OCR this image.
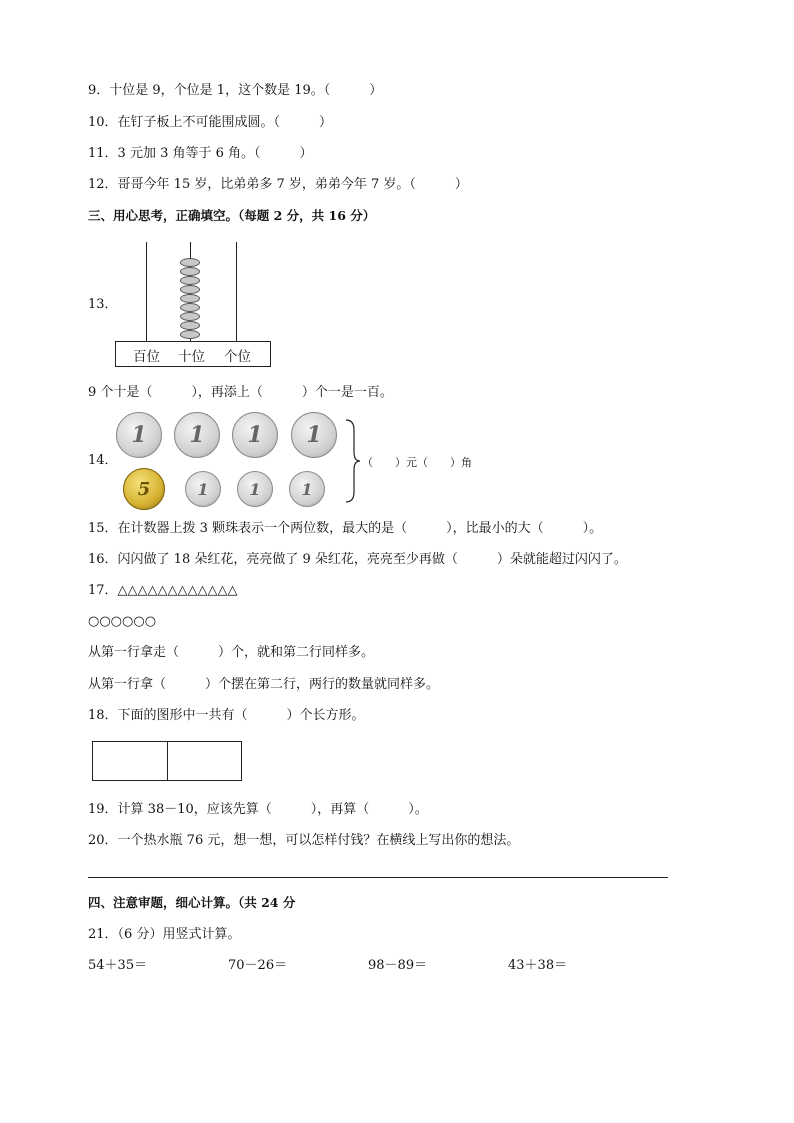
9．十位是 9，个位是 1，这个数是 19。（　　　）
10．在钉子板上不可能围成圆。（　　　）
11．3 元加 3 角等于 6 角。（　　　）
12．哥哥今年 15 岁，比弟弟多 7 岁，弟弟今年 7 岁。（　　　）
三、用心思考，正确填空。（每题 2 分，共 16 分）
13．
百位 十位 个位
9 个十是（　　　），再添上（　　　）个一是一百。
14．
1	1	1	1
5	1	1	1
（　　）元（　　）角
15．在计数器上拨 3 颗珠表示一个两位数，最大的是（　　　），比最小的大（　　　）。
16．闪闪做了 18 朵红花，亮亮做了 9 朵红花，亮亮至少再做（　　　）朵就能超过闪闪了。
17．△△△△△△△△△△△△
○○○○○○
从第一行拿走（　　　）个，就和第二行同样多。
从第一行拿（　　　）个摆在第二行，两行的数量就同样多。
18．下面的图形中一共有（　　　）个长方形。
19．计算 38－10，应该先算（　　　），再算（　　　）。
20．一个热水瓶 76 元，想一想，可以怎样付钱？在横线上写出你的想法。
四、注意审题，细心计算。（共 24 分
21．（6 分）用竖式计算。
54＋35＝	70－26＝	98－89＝	43＋38＝
